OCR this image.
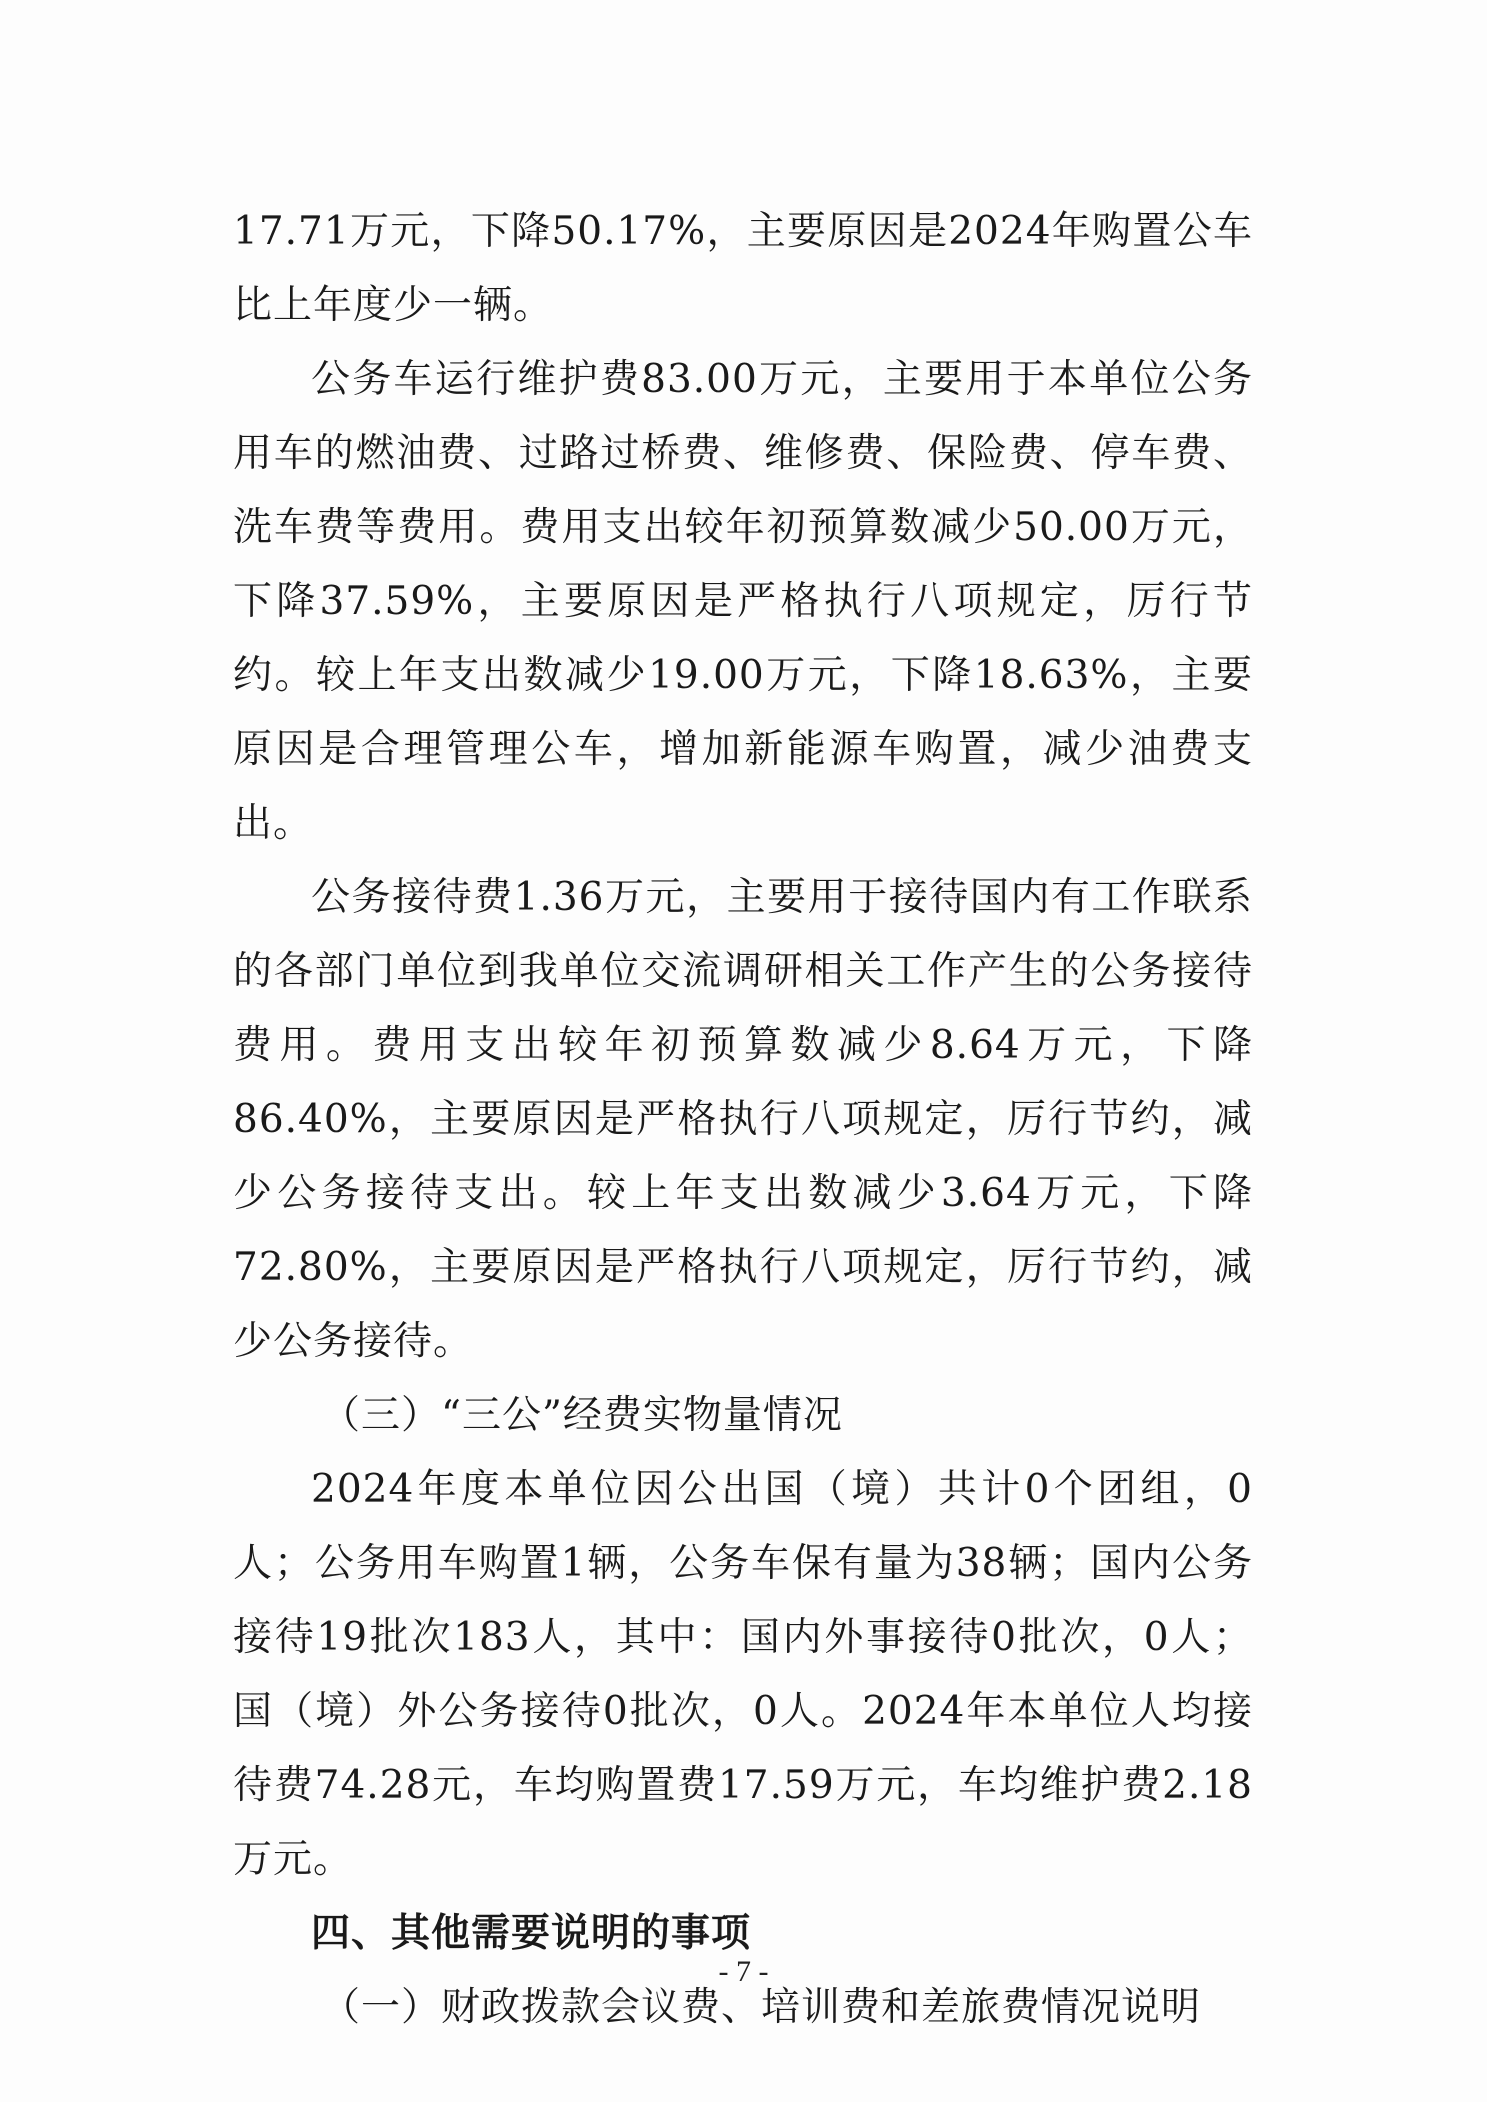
17.71万元，下降50.17%，主要原因是2024年购置公车比上年度少一辆。

公务车运行维护费83.00万元，主要用于本单位公务用车的燃油费、过路过桥费、维修费、保险费、停车费、洗车费等费用。费用支出较年初预算数减少50.00万元，下降37.59%，主要原因是严格执行八项规定，厉行节约。较上年支出数减少19.00万元，下降18.63%，主要原因是合理管理公车，增加新能源车购置，减少油费支出。

公务接待费1.36万元，主要用于接待国内有工作联系的各部门单位到我单位交流调研相关工作产生的公务接待费用。费用支出较年初预算数减少8.64万元，下降86.40%，主要原因是严格执行八项规定，厉行节约，减少公务接待支出。较上年支出数减少3.64万元，下降72.80%，主要原因是严格执行八项规定，厉行节约，减少公务接待。

（三）“三公”经费实物量情况

2024年度本单位因公出国（境）共计0个团组，0人；公务用车购置1辆，公务车保有量为38辆；国内公务接待19批次183人，其中：国内外事接待0批次，0人；国（境）外公务接待0批次，0人。2024年本单位人均接待费74.28元，车均购置费17.59万元，车均维护费2.18万元。

四、其他需要说明的事项

（一）财政拨款会议费、培训费和差旅费情况说明

- 7 -
